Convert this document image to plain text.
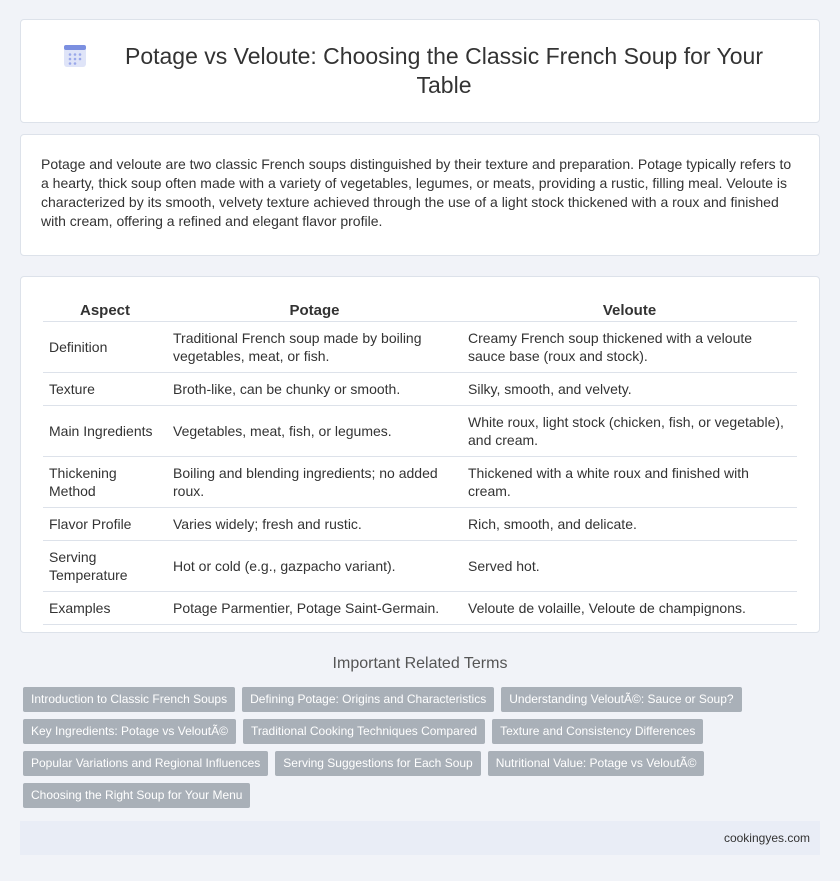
Potage vs Veloute: Choosing the Classic French Soup for Your Table

Potage and veloute are two classic French soups distinguished by their texture and preparation. Potage typically refers to a hearty, thick soup often made with a variety of vegetables, legumes, or meats, providing a rustic, filling meal. Veloute is characterized by its smooth, velvety texture achieved through the use of a light stock thickened with a roux and finished with cream, offering a refined and elegant flavor profile.

Aspect	Potage	Veloute
Definition	Traditional French soup made by boiling vegetables, meat, or fish.	Creamy French soup thickened with a veloute sauce base (roux and stock).
Texture	Broth-like, can be chunky or smooth.	Silky, smooth, and velvety.
Main Ingredients	Vegetables, meat, fish, or legumes.	White roux, light stock (chicken, fish, or vegetable), and cream.
Thickening Method	Boiling and blending ingredients; no added roux.	Thickened with a white roux and finished with cream.
Flavor Profile	Varies widely; fresh and rustic.	Rich, smooth, and delicate.
Serving Temperature	Hot or cold (e.g., gazpacho variant).	Served hot.
Examples	Potage Parmentier, Potage Saint-Germain.	Veloute de volaille, Veloute de champignons.
Important Related Terms
Introduction to Classic French Soups	Defining Potage: Origins and Characteristics	Understanding VeloutÃ©: Sauce or Soup?
Key Ingredients: Potage vs VeloutÃ©	Traditional Cooking Techniques Compared	Texture and Consistency Differences
Popular Variations and Regional Influences	Serving Suggestions for Each Soup	Nutritional Value: Potage vs VeloutÃ©
Choosing the Right Soup for Your Menu
cookingyes.com
